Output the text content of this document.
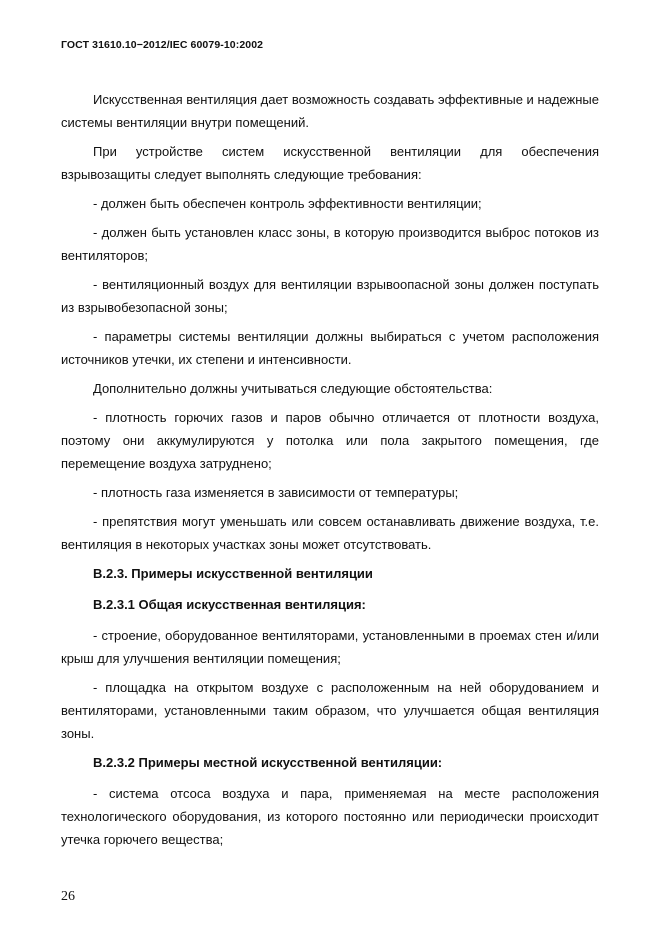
ГОСТ 31610.10−2012/IEC 60079-10:2002

Искусственная вентиляция дает возможность создавать эффективные и надежные системы вентиляции внутри помещений.

При устройстве систем искусственной вентиляции для обеспечения взрывозащиты следует выполнять следующие требования:

- должен быть обеспечен контроль эффективности вентиляции;

- должен быть установлен класс зоны, в которую производится выброс потоков из вентиляторов;

- вентиляционный воздух для вентиляции взрывоопасной зоны должен поступать из взрывобезопасной зоны;

- параметры системы вентиляции должны выбираться с учетом расположения источников утечки, их степени и интенсивности.

Дополнительно должны учитываться следующие обстоятельства:

- плотность горючих газов и паров обычно отличается от плотности воздуха, поэтому они аккумулируются у потолка или пола закрытого помещения, где перемещение воздуха затруднено;

- плотность газа изменяется в зависимости от температуры;

- препятствия могут уменьшать или совсем останавливать движение воздуха, т.е. вентиляция в некоторых участках зоны может отсутствовать.

B.2.3. Примеры искусственной вентиляции

B.2.3.1 Общая искусственная вентиляция:

- строение, оборудованное вентиляторами, установленными в проемах стен и/или крыш для улучшения вентиляции помещения;

- площадка на открытом воздухе с расположенным на ней оборудованием и вентиляторами, установленными таким образом, что улучшается общая вентиляция зоны.

B.2.3.2 Примеры местной искусственной вентиляции:

- система отсоса воздуха и пара, применяемая на месте расположения технологического оборудования, из которого постоянно или периодически происходит утечка горючего вещества;

26
